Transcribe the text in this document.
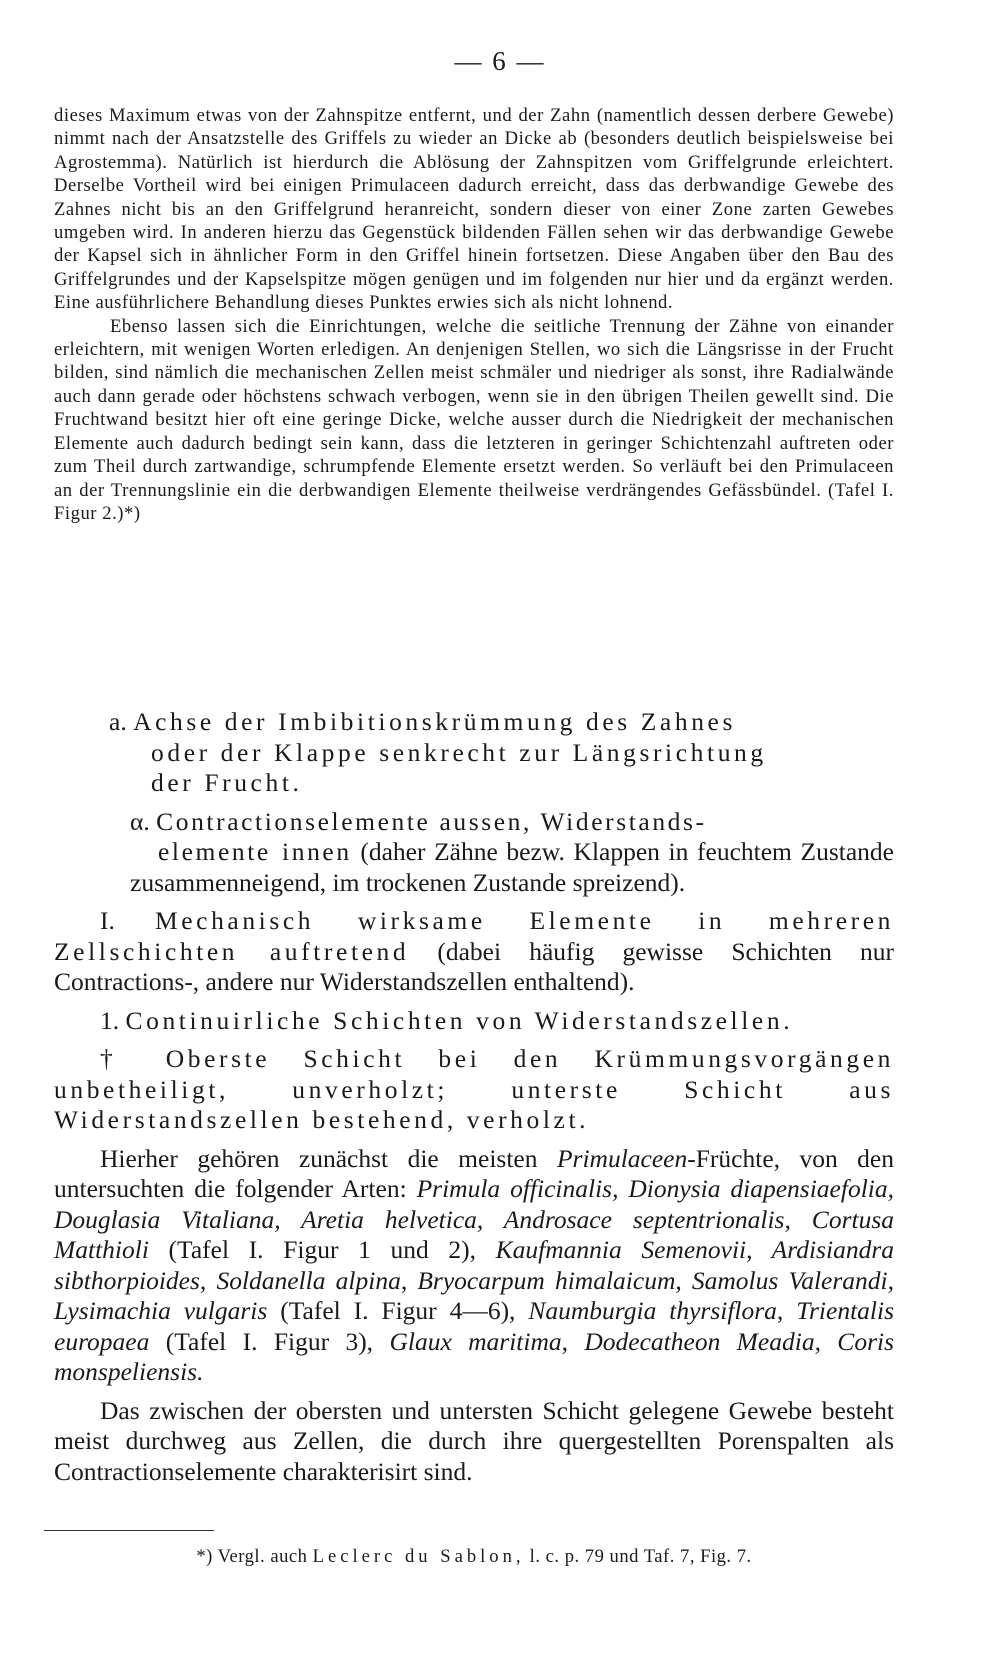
— 6 —

dieses Maximum etwas von der Zahnspitze entfernt, und der Zahn (namentlich dessen derbere Gewebe) nimmt nach der Ansatzstelle des Griffels zu wieder an Dicke ab (besonders deutlich beispielsweise bei Agrostemma). Natürlich ist hierdurch die Ablösung der Zahnspitzen vom Griffelgrunde erleichtert. Derselbe Vortheil wird bei einigen Primulaceen dadurch erreicht, dass das derbwandige Gewebe des Zahnes nicht bis an den Griffelgrund heranreicht, sondern dieser von einer Zone zarten Gewebes umgeben wird. In anderen hierzu das Gegenstück bildenden Fällen sehen wir das derbwandige Gewebe der Kapsel sich in ähnlicher Form in den Griffel hinein fortsetzen. Diese Angaben über den Bau des Griffelgrundes und der Kapselspitze mögen genügen und im folgenden nur hier und da ergänzt werden. Eine ausführlichere Behandlung dieses Punktes erwies sich als nicht lohnend.

Ebenso lassen sich die Einrichtungen, welche die seitliche Trennung der Zähne von einander erleichtern, mit wenigen Worten erledigen. An denjenigen Stellen, wo sich die Längsrisse in der Frucht bilden, sind nämlich die mechanischen Zellen meist schmäler und niedriger als sonst, ihre Radialwände auch dann gerade oder höchstens schwach verbogen, wenn sie in den übrigen Theilen gewellt sind. Die Fruchtwand besitzt hier oft eine geringe Dicke, welche ausser durch die Niedrigkeit der mechanischen Elemente auch dadurch bedingt sein kann, dass die letzteren in geringer Schichtenzahl auftreten oder zum Theil durch zartwandige, schrumpfende Elemente ersetzt werden. So verläuft bei den Primulaceen an der Trennungslinie ein die derbwandigen Elemente theilweise verdrängendes Gefässbündel. (Tafel I. Figur 2.)*)

a. Achse der Imbibitionskrümmung des Zahnes
oder der Klappe senkrecht zur Längsrichtung
der Frucht.

α. Contractionselemente aussen, Widerstands-
elemente innen (daher Zähne bezw. Klappen in feuchtem Zustande zusammenneigend, im trockenen Zustande spreizend).

I. Mechanisch wirksame Elemente in mehreren Zellschichten auftretend (dabei häufig gewisse Schichten nur Contractions-, andere nur Widerstandszellen enthaltend).

1. Continuirliche Schichten von Widerstandszellen.

† Oberste Schicht bei den Krümmungsvorgängen unbetheiligt, unverholzt; unterste Schicht aus Widerstandszellen bestehend, verholzt.

Hierher gehören zunächst die meisten Primulaceen-Früchte, von den untersuchten die folgender Arten: Primula officinalis, Dionysia diapensiaefolia, Douglasia Vitaliana, Aretia helvetica, Androsace septentrionalis, Cortusa Matthioli (Tafel I. Figur 1 und 2), Kaufmannia Semenovii, Ardisiandra sibthorpioides, Soldanella alpina, Bryocarpum himalaicum, Samolus Valerandi, Lysimachia vulgaris (Tafel I. Figur 4—6), Naumburgia thyrsiflora, Trientalis europaea (Tafel I. Figur 3), Glaux maritima, Dodecatheon Meadia, Coris monspeliensis.

Das zwischen der obersten und untersten Schicht gelegene Gewebe besteht meist durchweg aus Zellen, die durch ihre quergestellten Porenspalten als Contractionselemente charakterisirt sind.

*) Vergl. auch Leclerc du Sablon, l. c. p. 79 und Taf. 7, Fig. 7.
